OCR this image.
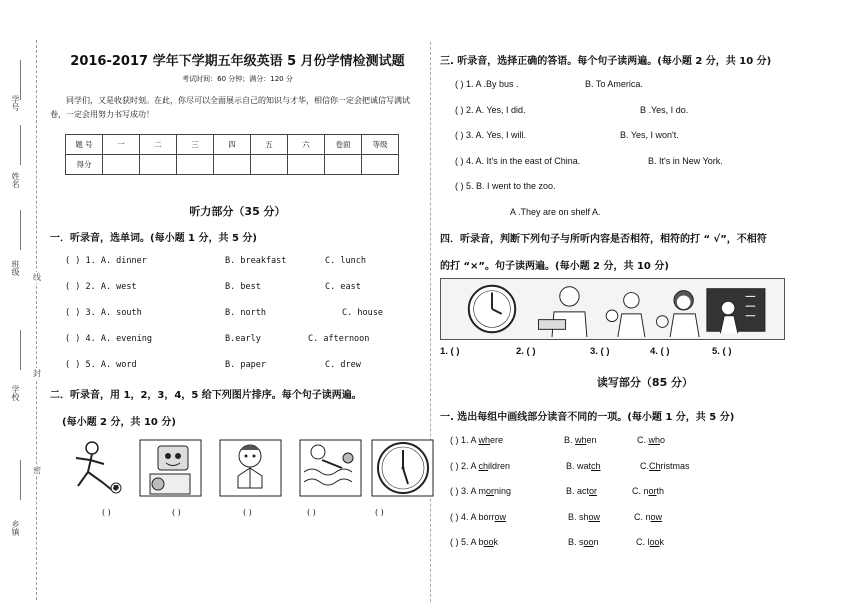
学号
姓名
班级
学校
乡镇
线
封
密
2016-2017 学年下学期五年级英语 5 月份学情检测试题
考试时间：60 分钟；满分：120 分
同学们，又是收获时刻。在此，你尽可以全面展示自己的知识与才华，相信你一定会把诚信写满试卷，一定会用努力书写成功！
题 号	一	二	三	四	五	六	卷面	等级
得分								
听力部分（35 分）
一．听录音，选单词。(每小题 1 分，共 5 分)
( ) 1. A. dinner	B. breakfast	C. lunch
( ) 2. A. west	B. best	C. east
( ) 3. A. south	B. north	C. house
( ) 4. A. evening	B.early	C. afternoon
( ) 5. A. word	B. paper	C. drew
二．听录音，用 1，2，3，4，5 给下列图片排序。每个句子读两遍。
(每小题 2 分，共 10 分)
( )	( )	( )	( )	( )
三. 听录音，选择正确的答语。每个句子读两遍。(每小题 2 分，共 10 分)
( ) 1. A .By bus .	B. To America.
( ) 2. A. Yes, I did.	B .Yes, I do.
( ) 3. A. Yes, I will.	B. Yes, I won't.
( ) 4. A. It's in the east of China.	B. It's in New York.
( ) 5. B. I went to the zoo.
A .They are on shelf A.
四．听录音，判断下列句子与所听内容是否相符，相符的打 “ √”，不相符
的打 “×”。句子读两遍。(每小题 2 分，共 10 分)
1. ( )	2. ( )	3. ( )	4. ( )	5. ( )
读写部分（85 分）
一. 选出每组中画线部分读音不同的一项。(每小题 1 分，共 5 分)
( ) 1. A where	B. when	C. who
( ) 2. A children	B. watch	C.Christmas
( ) 3. A morning	B. actor	C. north
( ) 4. A borrow	B. show	C. now
( ) 5. A book	B. soon	C. look
